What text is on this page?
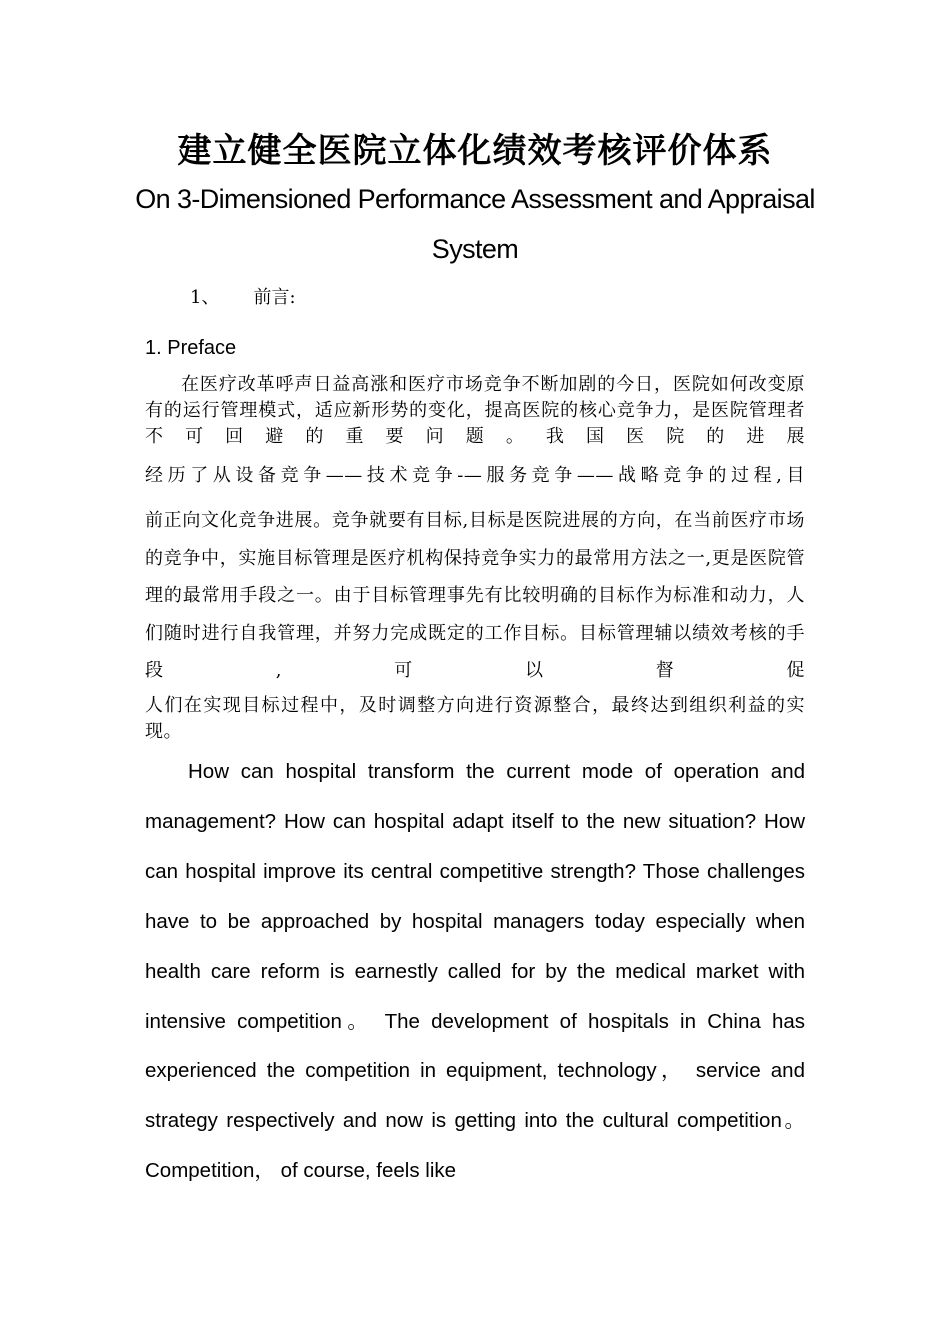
建立健全医院立体化绩效考核评价体系
On 3-Dimensioned Performance Assessment and Appraisal System
1、 前言:
1. Preface

在医疗改革呼声日益高涨和医疗市场竞争不断加剧的今日，医院如何改变原有的运行管理模式，适应新形势的变化，提高医院的核心竞争力，是医院管理者不可回避的重要问题。我国医院的进展

经历了从设备竞争——技术竞争-—服务竞争——战略竞争的过程,目

前正向文化竞争进展。竞争就要有目标,目标是医院进展的方向，在当前医疗市场的竞争中，实施目标管理是医疗机构保持竞争实力的最常用方法之一,更是医院管理的最常用手段之一。由于目标管理事先有比较明确的目标作为标准和动力，人们随时进行自我管理，并努力完成既定的工作目标。目标管理辅以绩效考核的手段,可以督促

人们在实现目标过程中，及时调整方向进行资源整合，最终达到组织利益的实现。

How can hospital transform the current mode of operation and management? How can hospital adapt itself to the new situation? How can hospital improve its central competitive strength? Those challenges have to be approached by hospital managers today especially when health care reform is earnestly called for by the medical market with intensive competition。 The development of hospitals in China has experienced the competition in equipment, technology， service and strategy respectively and now is getting into the cultural competition。 Competition， of course, feels like
